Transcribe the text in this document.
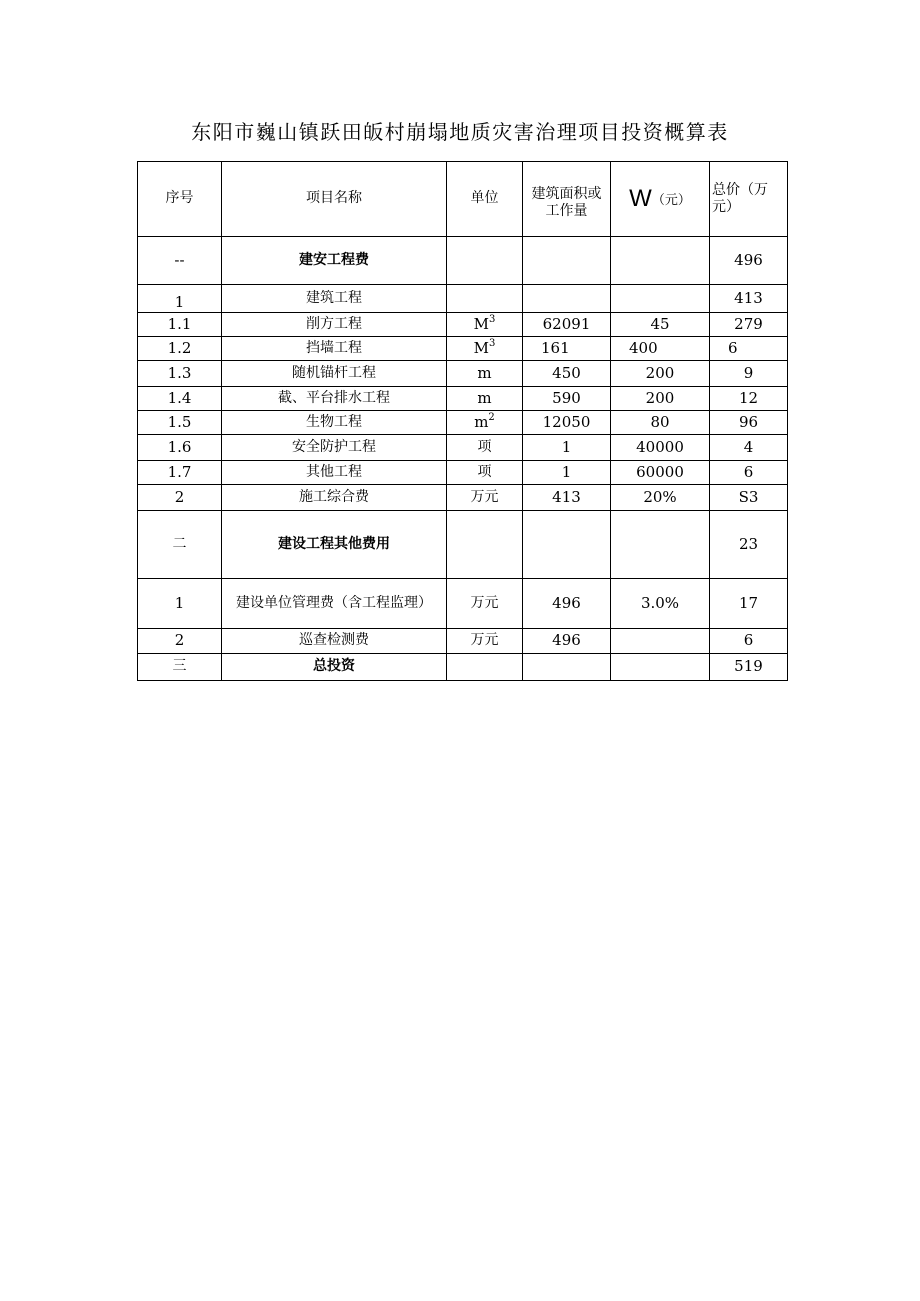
东阳市巍山镇跃田皈村崩塌地质灾害治理项目投资概算表
序号	项目名称	单位	建筑面积或工作量	W（元）	总价（万元）
--	建安工程费				496
1	建筑工程				413
1.1	削方工程	$M^3$	62091	45	279
1.2	挡墙工程	$M^3$	161	400	6
1.3	随机锚杆工程	m	450	200	9
1.4	截、平台排水工程	m	590	200	12
1.5	生物工程	$m^2$	12050	80	96
1.6	安全防护工程	项	1	40000	4
1.7	其他工程	项	1	60000	6
2	施工综合费	万元	413	20%	S3
二	建设工程其他费用				23
1	建设单位管理费（含工程监理）	万元	496	3.0%	17
2	巡查检测费	万元	496		6
三	总投资				519
